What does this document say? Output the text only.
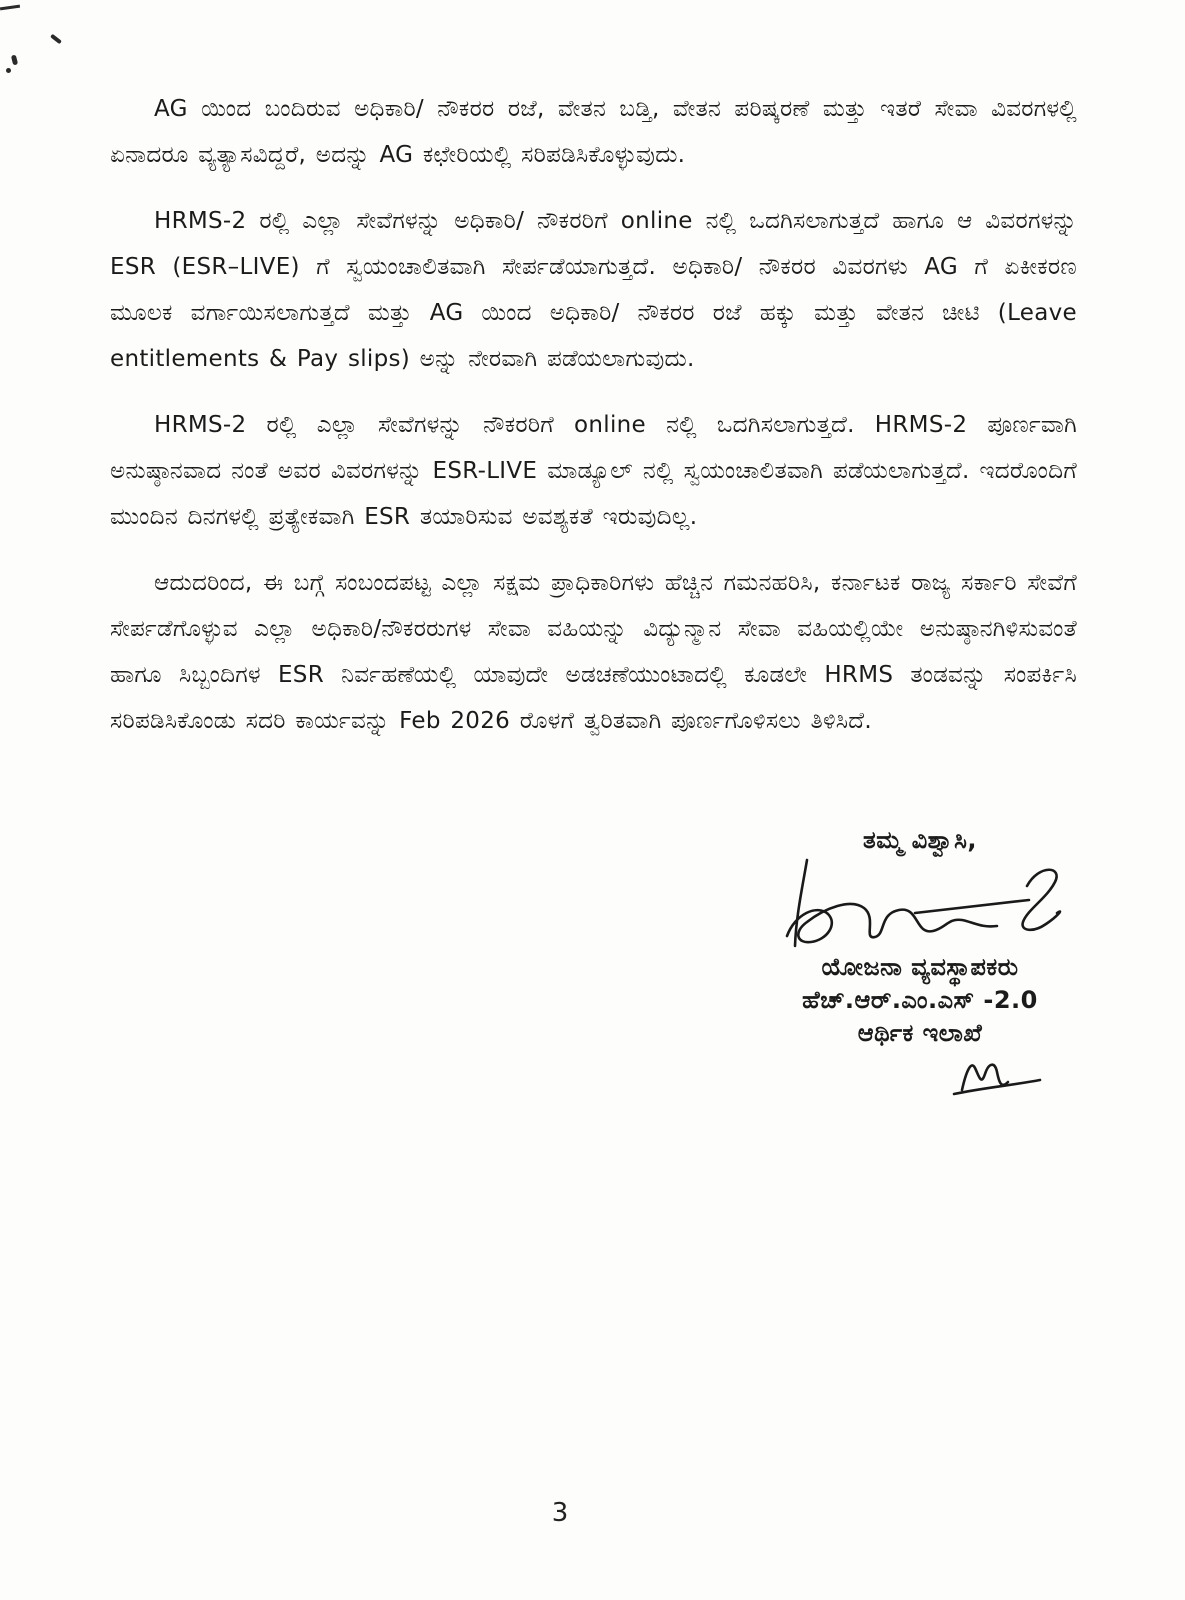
AG ಯಿಂದ ಬಂದಿರುವ ಅಧಿಕಾರಿ/ ನೌಕರರ ರಜೆ, ವೇತನ ಬಡ್ತಿ, ವೇತನ ಪರಿಷ್ಕರಣೆ ಮತ್ತು ಇತರೆ ಸೇವಾ ವಿವರಗಳಲ್ಲಿ ಏನಾದರೂ ವ್ಯತ್ಯಾಸವಿದ್ದರೆ, ಅದನ್ನು AG ಕಛೇರಿಯಲ್ಲಿ ಸರಿಪಡಿಸಿಕೊಳ್ಳುವುದು.

HRMS-2 ರಲ್ಲಿ ಎಲ್ಲಾ ಸೇವೆಗಳನ್ನು ಅಧಿಕಾರಿ/ ನೌಕರರಿಗೆ online ನಲ್ಲಿ ಒದಗಿಸಲಾಗುತ್ತದೆ ಹಾಗೂ ಆ ವಿವರಗಳನ್ನು ESR (ESR–LIVE) ಗೆ ಸ್ವಯಂಚಾಲಿತವಾಗಿ ಸೇರ್ಪಡೆಯಾಗುತ್ತದೆ. ಅಧಿಕಾರಿ/ ನೌಕರರ ವಿವರಗಳು AG ಗೆ ಏಕೀಕರಣ ಮೂಲಕ ವರ್ಗಾಯಿಸಲಾಗುತ್ತದೆ ಮತ್ತು AG ಯಿಂದ ಅಧಿಕಾರಿ/ ನೌಕರರ ರಜೆ ಹಕ್ಕು ಮತ್ತು ವೇತನ ಚೀಟಿ (Leave entitlements & Pay slips) ಅನ್ನು ನೇರವಾಗಿ ಪಡೆಯಲಾಗುವುದು.

HRMS-2 ರಲ್ಲಿ ಎಲ್ಲಾ ಸೇವೆಗಳನ್ನು ನೌಕರರಿಗೆ online ನಲ್ಲಿ ಒದಗಿಸಲಾಗುತ್ತದೆ. HRMS-2 ಪೂರ್ಣವಾಗಿ ಅನುಷ್ಠಾನವಾದ ನಂತೆ ಅವರ ವಿವರಗಳನ್ನು ESR-LIVE ಮಾಡ್ಯೂಲ್ ನಲ್ಲಿ ಸ್ವಯಂಚಾಲಿತವಾಗಿ ಪಡೆಯಲಾಗುತ್ತದೆ. ಇದರೊಂದಿಗೆ ಮುಂದಿನ ದಿನಗಳಲ್ಲಿ ಪ್ರತ್ಯೇಕವಾಗಿ ESR ತಯಾರಿಸುವ ಅವಶ್ಯಕತೆ ಇರುವುದಿಲ್ಲ.

ಆದುದರಿಂದ, ಈ ಬಗ್ಗೆ ಸಂಬಂದಪಟ್ಟ ಎಲ್ಲಾ ಸಕ್ಷಮ ಪ್ರಾಧಿಕಾರಿಗಳು ಹೆಚ್ಚಿನ ಗಮನಹರಿಸಿ, ಕರ್ನಾಟಕ ರಾಜ್ಯ ಸರ್ಕಾರಿ ಸೇವೆಗೆ ಸೇರ್ಪಡೆಗೊಳ್ಳುವ ಎಲ್ಲಾ ಅಧಿಕಾರಿ/ನೌಕರರುಗಳ ಸೇವಾ ವಹಿಯನ್ನು ವಿದ್ಯುನ್ಮಾನ ಸೇವಾ ವಹಿಯಲ್ಲಿಯೇ ಅನುಷ್ಠಾನಗಿಳಿಸುವಂತೆ ಹಾಗೂ ಸಿಬ್ಬಂದಿಗಳ ESR ನಿರ್ವಹಣೆಯಲ್ಲಿ ಯಾವುದೇ ಅಡಚಣೆಯುಂಟಾದಲ್ಲಿ ಕೂಡಲೇ HRMS ತಂಡವನ್ನು ಸಂಪರ್ಕಿಸಿ ಸರಿಪಡಿಸಿಕೊಂಡು ಸದರಿ ಕಾರ್ಯವನ್ನು Feb 2026 ರೊಳಗೆ ತ್ವರಿತವಾಗಿ ಪೂರ್ಣಗೊಳಿಸಲು ತಿಳಿಸಿದೆ.

ತಮ್ಮ ವಿಶ್ವಾಸಿ,
ಯೋಜನಾ ವ್ಯವಸ್ಥಾಪಕರು
ಹೆಚ್.ಆರ್.ಎಂ.ಎಸ್ -2.0
ಆರ್ಥಿಕ ಇಲಾಖೆ
3
